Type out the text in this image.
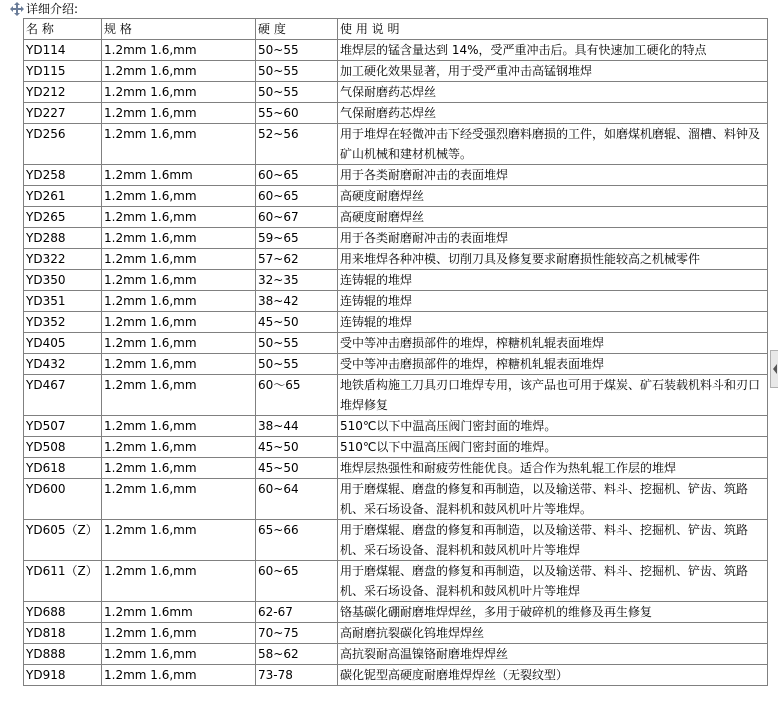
详细介绍:
名 称	规 格	硬 度	使 用 说 明
YD114	1.2mm 1.6,mm	50~55	堆焊层的锰含量达到 14%，受严重冲击后。具有快速加工硬化的特点
YD115	1.2mm 1.6,mm	50~55	加工硬化效果显著，用于受严重冲击高锰钢堆焊
YD212	1.2mm 1.6,mm	50~55	气保耐磨药芯焊丝
YD227	1.2mm 1.6,mm	55~60	气保耐磨药芯焊丝
YD256	1.2mm 1.6,mm	52~56	用于堆焊在轻微冲击下经受强烈磨料磨损的工件，如磨煤机磨辊、溜槽、料钟及矿山机械和建材机械等。
YD258	1.2mm 1.6mm	60~65	用于各类耐磨耐冲击的表面堆焊
YD261	1.2mm 1.6,mm	60~65	高硬度耐磨焊丝
YD265	1.2mm 1.6,mm	60~67	高硬度耐磨焊丝
YD288	1.2mm 1.6,mm	59~65	用于各类耐磨耐冲击的表面堆焊
YD322	1.2mm 1.6,mm	57~62	用来堆焊各种冲模、切削刀具及修复要求耐磨损性能较高之机械零件
YD350	1.2mm 1.6,mm	32~35	连铸辊的堆焊
YD351	1.2mm 1.6,mm	38~42	连铸辊的堆焊
YD352	1.2mm 1.6,mm	45~50	连铸辊的堆焊
YD405	1.2mm 1.6,mm	50~55	受中等冲击磨损部件的堆焊，榨糖机轧辊表面堆焊
YD432	1.2mm 1.6,mm	50~55	受中等冲击磨损部件的堆焊，榨糖机轧辊表面堆焊
YD467	1.2mm 1.6,mm	60～65	地铁盾构施工刀具刃口堆焊专用，该产品也可用于煤炭、矿石装载机料斗和刃口堆焊修复
YD507	1.2mm 1.6,mm	38~44	510℃以下中温高压阀门密封面的堆焊。
YD508	1.2mm 1.6,mm	45~50	510℃以下中温高压阀门密封面的堆焊。
YD618	1.2mm 1.6,mm	45~50	堆焊层热强性和耐疲劳性能优良。适合作为热轧辊工作层的堆焊
YD600	1.2mm 1.6,mm	60~64	用于磨煤辊、磨盘的修复和再制造，以及输送带、料斗、挖掘机、铲齿、筑路机、采石场设备、混料机和鼓风机叶片等堆焊。
YD605（Z）	1.2mm 1.6,mm	65~66	用于磨煤辊、磨盘的修复和再制造，以及输送带、料斗、挖掘机、铲齿、筑路机、采石场设备、混料机和鼓风机叶片等堆焊
YD611（Z）	1.2mm 1.6,mm	60~65	用于磨煤辊、磨盘的修复和再制造，以及输送带、料斗、挖掘机、铲齿、筑路机、采石场设备、混料机和鼓风机叶片等堆焊
YD688	1.2mm 1.6mm	62-67	铬基碳化硼耐磨堆焊焊丝，多用于破碎机的维修及再生修复
YD818	1.2mm 1.6,mm	70~75	高耐磨抗裂碳化钨堆焊焊丝
YD888	1.2mm 1.6,mm	58~62	高抗裂耐高温镍铬耐磨堆焊焊丝
YD918	1.2mm 1.6,mm	73-78	碳化铌型高硬度耐磨堆焊焊丝（无裂纹型）
